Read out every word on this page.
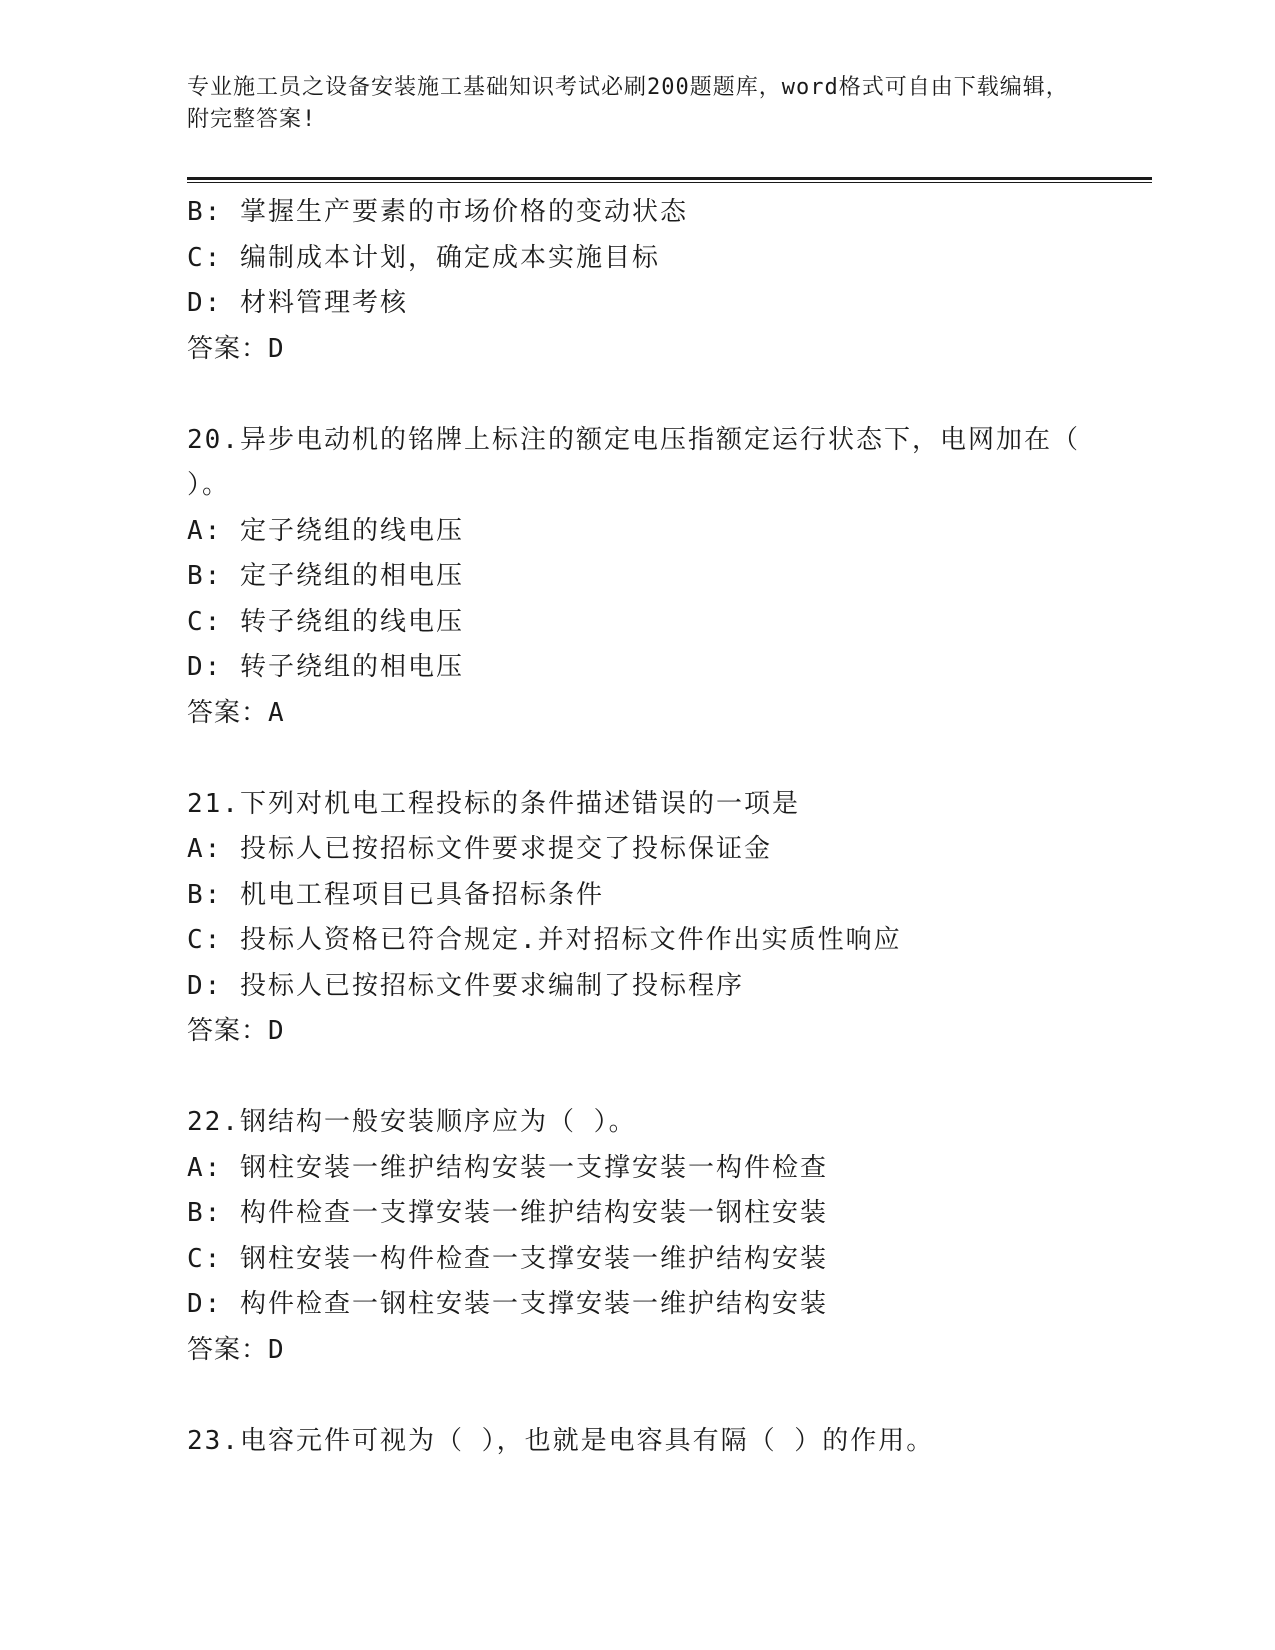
专业施工员之设备安装施工基础知识考试必刷200题题库，word格式可自由下载编辑，附完整答案!
B: 掌握生产要素的市场价格的变动状态
C: 编制成本计划，确定成本实施目标
D: 材料管理考核
答案：D
20.异步电动机的铭牌上标注的额定电压指额定运行状态下，电网加在（ ）。
A: 定子绕组的线电压
B: 定子绕组的相电压
C: 转子绕组的线电压
D: 转子绕组的相电压
答案：A
21.下列对机电工程投标的条件描述错误的一项是
A: 投标人已按招标文件要求提交了投标保证金
B: 机电工程项目已具备招标条件
C: 投标人资格已符合规定.并对招标文件作出实质性响应
D: 投标人已按招标文件要求编制了投标程序
答案：D
22.钢结构一般安装顺序应为（ ）。
A: 钢柱安装一维护结构安装一支撑安装一构件检查
B: 构件检查一支撑安装一维护结构安装一钢柱安装
C: 钢柱安装一构件检查一支撑安装一维护结构安装
D: 构件检查一钢柱安装一支撑安装一维护结构安装
答案：D
23.电容元件可视为（ ），也就是电容具有隔（ ）的作用。
